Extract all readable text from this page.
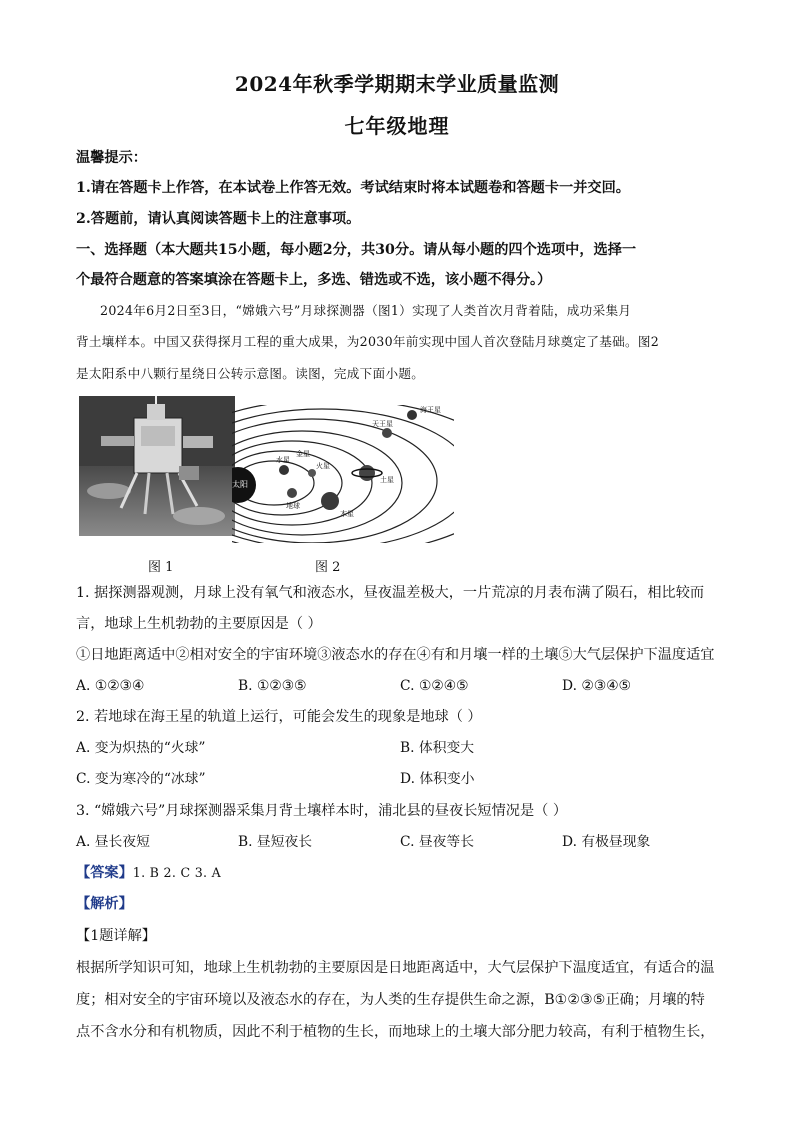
2024年秋季学期期末学业质量监测
七年级地理
温馨提示：
1.请在答题卡上作答，在本试卷上作答无效。考试结束时将本试题卷和答题卡一并交回。
2.答题前，请认真阅读答题卡上的注意事项。
一、选择题（本大题共15小题，每小题2分，共30分。请从每小题的四个选项中，选择一
个最符合题意的答案填涂在答题卡上，多选、错选或不选，该小题不得分。）
2024年6月2日至3日，“嫦娥六号”月球探测器（图1）实现了人类首次月背着陆，成功采集月
背土壤样本。中国又获得探月工程的重大成果，为2030年前实现中国人首次登陆月球奠定了基础。图2
是太阳系中八颗行星绕日公转示意图。读图，完成下面小题。
太阳
水星
金星
地球
火星
木星
土星
天王星
海王星
图 1	图 2
1. 据探测器观测，月球上没有氧气和液态水，昼夜温差极大，一片荒凉的月表布满了陨石，相比较而
言，地球上生机勃勃的主要原因是（ ）
①日地距离适中②相对安全的宇宙环境③液态水的存在④有和月壤一样的土壤⑤大气层保护下温度适宜
A. ①②③④	B. ①②③⑤	C. ①②④⑤	D. ②③④⑤
2. 若地球在海王星的轨道上运行，可能会发生的现象是地球（ ）
A. 变为炽热的“火球”	B. 体积变大
C. 变为寒冷的“冰球”	D. 体积变小
3. “嫦娥六号”月球探测器采集月背土壤样本时，浦北县的昼夜长短情况是（ ）
A. 昼长夜短	B. 昼短夜长	C. 昼夜等长	D. 有极昼现象
【答案】1. B 2. C 3. A
【解析】
【1题详解】
根据所学知识可知，地球上生机勃勃的主要原因是日地距离适中，大气层保护下温度适宜，有适合的温
度；相对安全的宇宙环境以及液态水的存在，为人类的生存提供生命之源，B①②③⑤正确；月壤的特
点不含水分和有机物质，因此不利于植物的生长，而地球上的土壤大部分肥力较高，有利于植物生长，
